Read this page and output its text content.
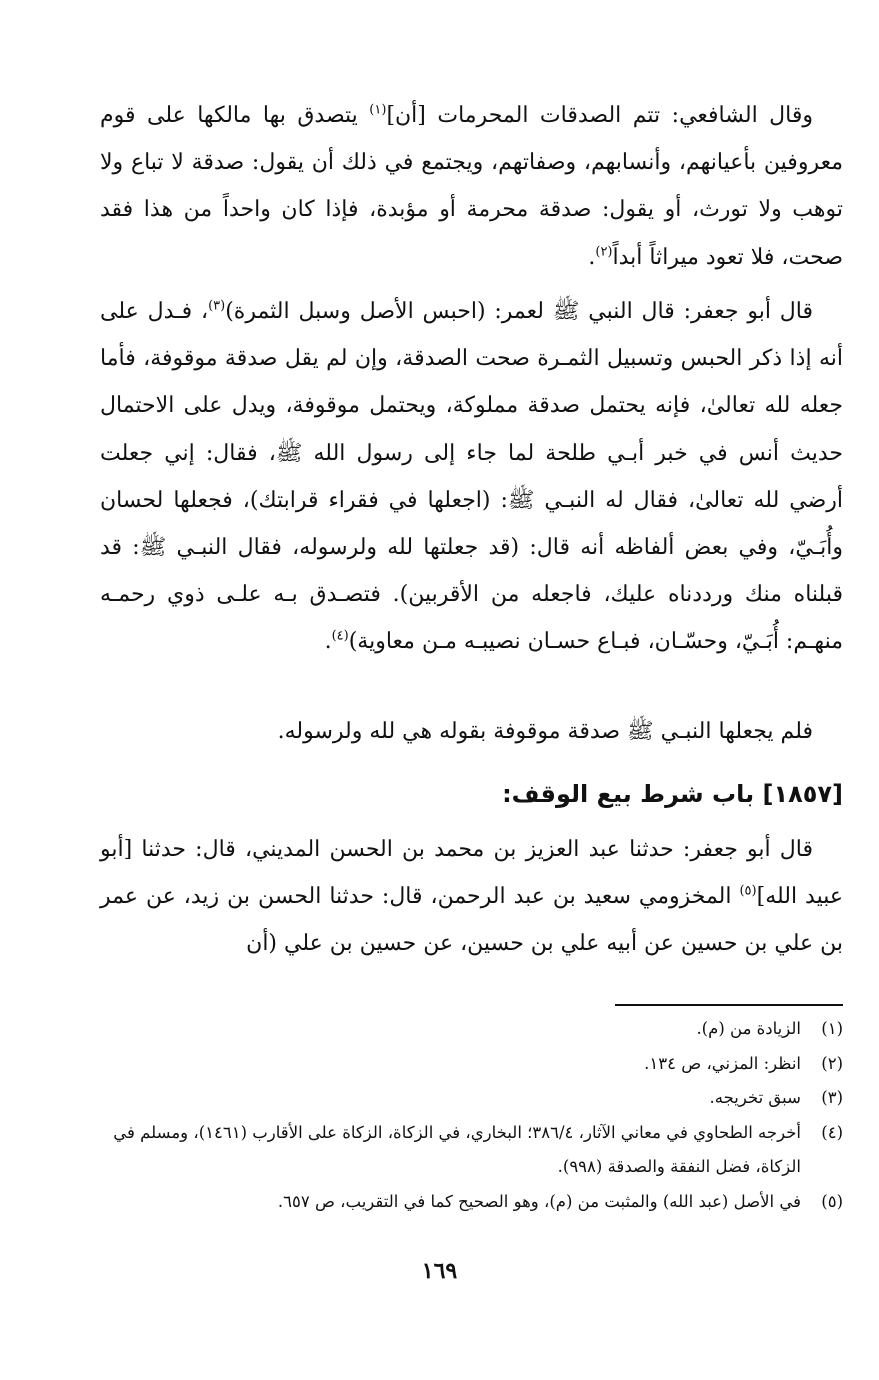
وقال الشافعي: تتم الصدقات المحرمات [أن]$^{(١)}$ يتصدق بها مالكها على قوم معروفين بأعيانهم، وأنسابهم، وصفاتهم، ويجتمع في ذلك أن يقول: صدقة لا تباع ولا توهب ولا تورث، أو يقول: صدقة محرمة أو مؤبدة، فإذا كان واحداً من هذا فقد صحت، فلا تعود ميراثاً أبداً$^{(٢)}$.

قال أبو جعفر: قال النبي ﷺ لعمر: (احبس الأصل وسبل الثمرة)$^{(٣)}$، فـدل على أنه إذا ذكر الحبس وتسبيل الثمـرة صحت الصدقة، وإن لم يقل صدقة موقوفة، فأما جعله لله تعالىٰ، فإنه يحتمل صدقة مملوكة، ويحتمل موقوفة، ويدل على الاحتمال حديث أنس في خبر أبـي طلحة لما جاء إلى رسول الله ﷺ، فقال: إني جعلت أرضي لله تعالىٰ، فقال له النبـي ﷺ: (اجعلها في فقراء قرابتك)، فجعلها لحسان وأُبَـيّ، وفي بعض ألفاظه أنه قال: (قد جعلتها لله ولرسوله، فقال النبـي ﷺ: قد قبلناه منك ورددناه عليك، فاجعله من الأقربين). فتصـدق بـه علـى ذوي رحمـه منهـم: أُبَـيّ، وحسّـان، فبـاع حسـان نصيبـه مـن معاوية)$^{(٤)}$.

فلم يجعلها النبـي ﷺ صدقة موقوفة بقوله هي لله ولرسوله.

[١٨٥٧] باب شرط بيع الوقف:

قال أبو جعفر: حدثنا عبد العزيز بن محمد بن الحسن المديني، قال: حدثنا [أبو عبيد الله]$^{(٥)}$ المخزومي سعيد بن عبد الرحمن، قال: حدثنا الحسن بن زيد، عن عمر بن علي بن حسين عن أبيه علي بن حسين، عن حسين بن علي (أن

(١)
الزيادة من (م).
(٢)
انظر: المزني، ص ١٣٤.
(٣)
سبق تخريجه.
(٤)
أخرجه الطحاوي في معاني الآثار، ٣٨٦/٤؛ البخاري، في الزكاة، الزكاة على الأقارب (١٤٦١)، ومسلم في الزكاة، فضل النفقة والصدقة (٩٩٨).
(٥)
في الأصل (عبد الله) والمثبت من (م)، وهو الصحيح كما في التقريب، ص ٦٥٧.
١٦٩
